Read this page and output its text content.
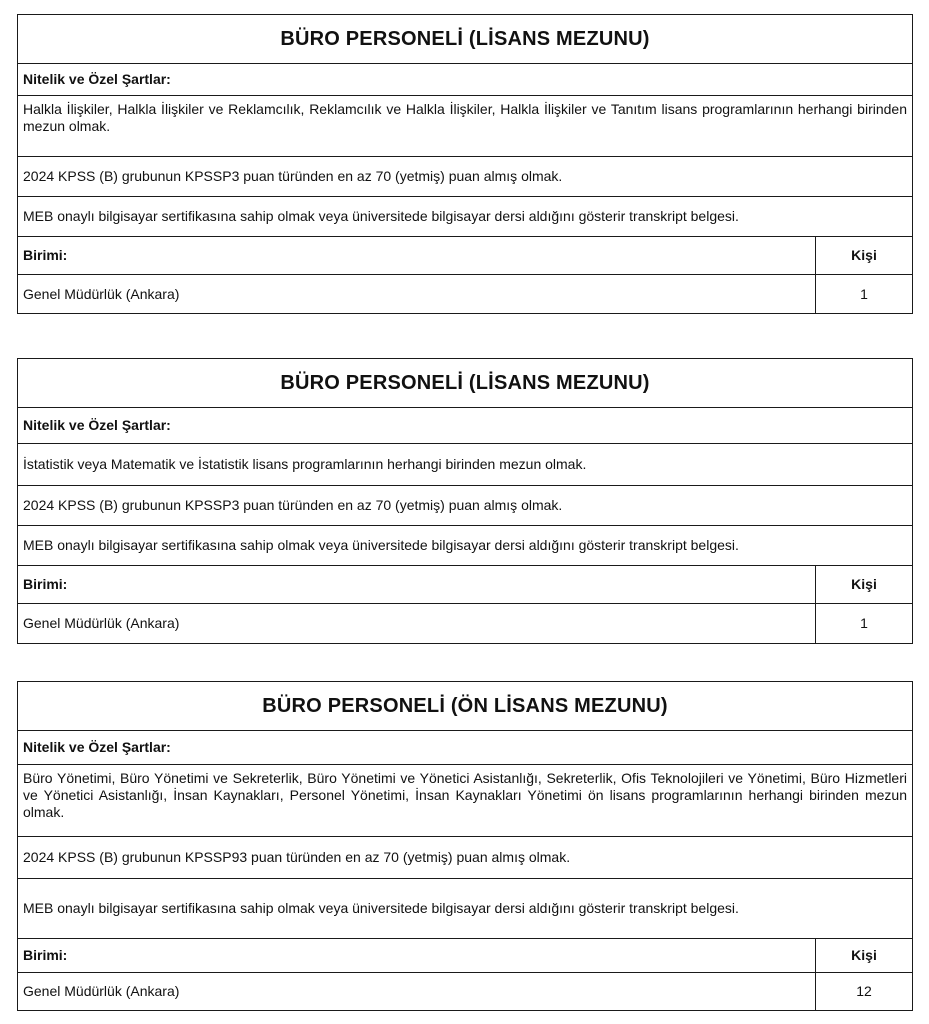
BÜRO PERSONELİ (LİSANS MEZUNU)
Nitelik ve Özel Şartlar:
Halkla İlişkiler, Halkla İlişkiler ve Reklamcılık, Reklamcılık ve Halkla İlişkiler, Halkla İlişkiler ve Tanıtım lisans programlarının herhangi birinden mezun olmak.
2024 KPSS (B) grubunun KPSSP3 puan türünden en az 70 (yetmiş) puan almış olmak.
MEB onaylı bilgisayar sertifikasına sahip olmak veya üniversitede bilgisayar dersi aldığını gösterir transkript belgesi.
Birimi:	Kişi
Genel Müdürlük (Ankara)	1
BÜRO PERSONELİ (LİSANS MEZUNU)
Nitelik ve Özel Şartlar:
İstatistik veya Matematik ve İstatistik lisans programlarının herhangi birinden mezun olmak.
2024 KPSS (B) grubunun KPSSP3 puan türünden en az 70 (yetmiş) puan almış olmak.
MEB onaylı bilgisayar sertifikasına sahip olmak veya üniversitede bilgisayar dersi aldığını gösterir transkript belgesi.
Birimi:	Kişi
Genel Müdürlük (Ankara)	1
BÜRO PERSONELİ (ÖN LİSANS MEZUNU)
Nitelik ve Özel Şartlar:
Büro Yönetimi, Büro Yönetimi ve Sekreterlik, Büro Yönetimi ve Yönetici Asistanlığı, Sekreterlik, Ofis Teknolojileri ve Yönetimi, Büro Hizmetleri ve Yönetici Asistanlığı, İnsan Kaynakları, Personel Yönetimi, İnsan Kaynakları Yönetimi ön lisans programlarının herhangi birinden mezun olmak.
2024 KPSS (B) grubunun KPSSP93 puan türünden en az 70 (yetmiş) puan almış olmak.
MEB onaylı bilgisayar sertifikasına sahip olmak veya üniversitede bilgisayar dersi aldığını gösterir transkript belgesi.
Birimi:	Kişi
Genel Müdürlük (Ankara)	12
